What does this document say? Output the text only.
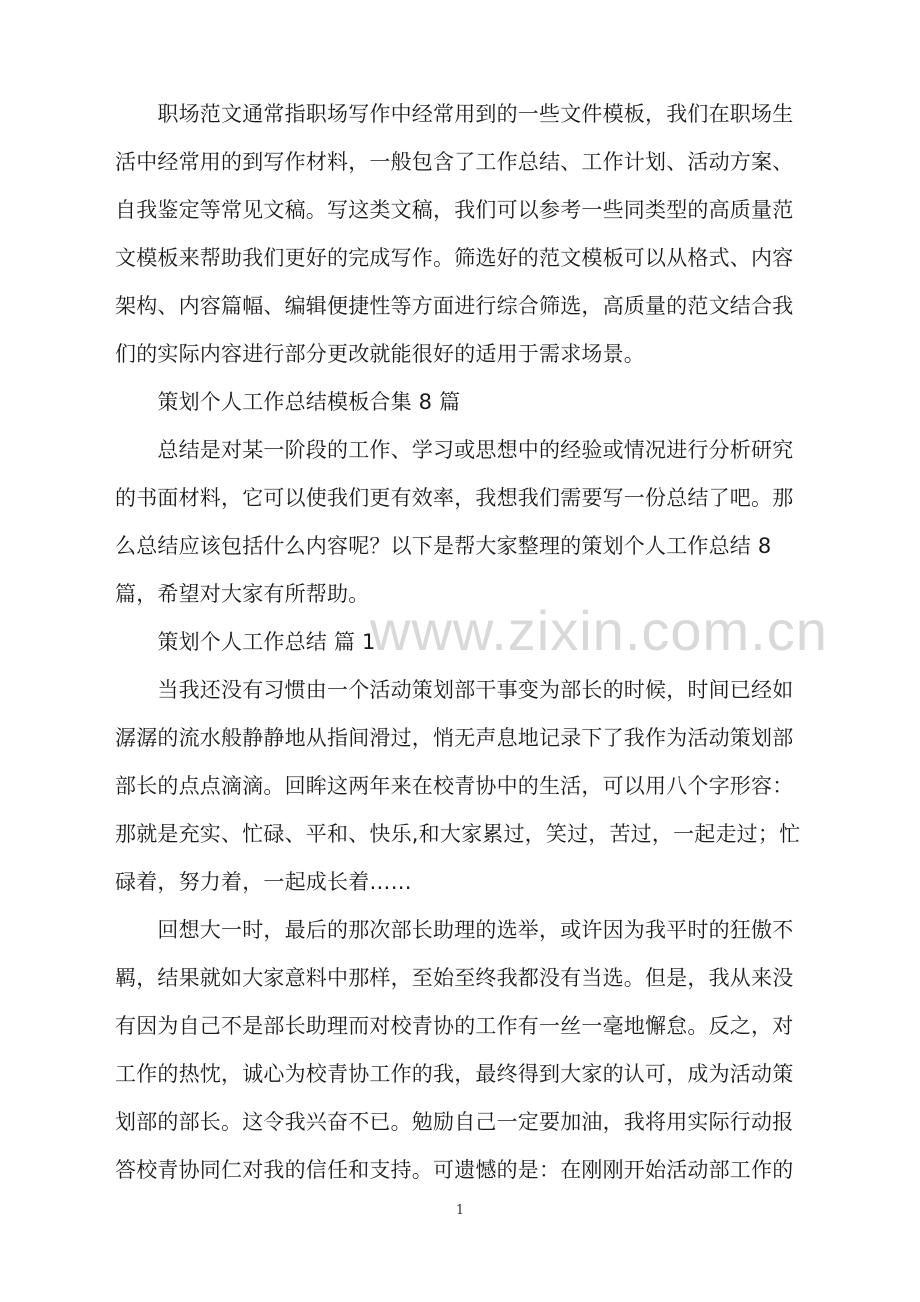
www.zixin.com.cn
　　职场范文通常指职场写作中经常用到的一些文件模板，我们在职场生
活中经常用的到写作材料，一般包含了工作总结、工作计划、活动方案、
自我鉴定等常见文稿。写这类文稿，我们可以参考一些同类型的高质量范
文模板来帮助我们更好的完成写作。筛选好的范文模板可以从格式、内容
架构、内容篇幅、编辑便捷性等方面进行综合筛选，高质量的范文结合我
们的实际内容进行部分更改就能很好的适用于需求场景。
　　策划个人工作总结模板合集 8 篇
　　总结是对某一阶段的工作、学习或思想中的经验或情况进行分析研究
的书面材料，它可以使我们更有效率，我想我们需要写一份总结了吧。那
么总结应该包括什么内容呢？以下是帮大家整理的策划个人工作总结 8
篇，希望对大家有所帮助。
　　策划个人工作总结 篇 1
　　当我还没有习惯由一个活动策划部干事变为部长的时候，时间已经如
潺潺的流水般静静地从指间滑过，悄无声息地记录下了我作为活动策划部
部长的点点滴滴。回眸这两年来在校青协中的生活，可以用八个字形容：
那就是充实、忙碌、平和、快乐,和大家累过，笑过，苦过，一起走过；忙
碌着，努力着，一起成长着……
　　回想大一时，最后的那次部长助理的选举，或许因为我平时的狂傲不
羁，结果就如大家意料中那样，至始至终我都没有当选。但是，我从来没
有因为自己不是部长助理而对校青协的工作有一丝一毫地懈怠。反之，对
工作的热忱，诚心为校青协工作的我，最终得到大家的认可，成为活动策
划部的部长。这令我兴奋不已。勉励自己一定要加油，我将用实际行动报
答校青协同仁对我的信任和支持。可遗憾的是：在刚刚开始活动部工作的
1
